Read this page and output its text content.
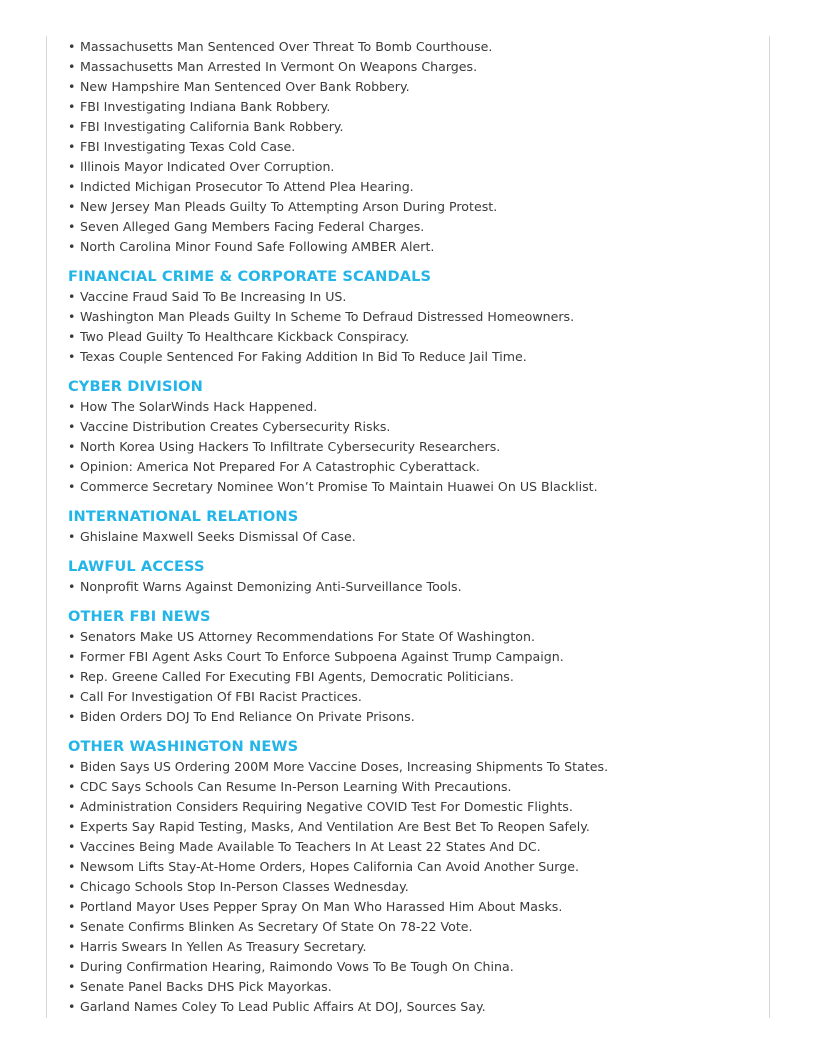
• Massachusetts Man Sentenced Over Threat To Bomb Courthouse.
• Massachusetts Man Arrested In Vermont On Weapons Charges.
• New Hampshire Man Sentenced Over Bank Robbery.
• FBI Investigating Indiana Bank Robbery.
• FBI Investigating California Bank Robbery.
• FBI Investigating Texas Cold Case.
• Illinois Mayor Indicated Over Corruption.
• Indicted Michigan Prosecutor To Attend Plea Hearing.
• New Jersey Man Pleads Guilty To Attempting Arson During Protest.
• Seven Alleged Gang Members Facing Federal Charges.
• North Carolina Minor Found Safe Following AMBER Alert.
FINANCIAL CRIME & CORPORATE SCANDALS
• Vaccine Fraud Said To Be Increasing In US.
• Washington Man Pleads Guilty In Scheme To Defraud Distressed Homeowners.
• Two Plead Guilty To Healthcare Kickback Conspiracy.
• Texas Couple Sentenced For Faking Addition In Bid To Reduce Jail Time.
CYBER DIVISION
• How The SolarWinds Hack Happened.
• Vaccine Distribution Creates Cybersecurity Risks.
• North Korea Using Hackers To Infiltrate Cybersecurity Researchers.
• Opinion: America Not Prepared For A Catastrophic Cyberattack.
• Commerce Secretary Nominee Won’t Promise To Maintain Huawei On US Blacklist.
INTERNATIONAL RELATIONS
• Ghislaine Maxwell Seeks Dismissal Of Case.
LAWFUL ACCESS
• Nonprofit Warns Against Demonizing Anti-Surveillance Tools.
OTHER FBI NEWS
• Senators Make US Attorney Recommendations For State Of Washington.
• Former FBI Agent Asks Court To Enforce Subpoena Against Trump Campaign.
• Rep. Greene Called For Executing FBI Agents, Democratic Politicians.
• Call For Investigation Of FBI Racist Practices.
• Biden Orders DOJ To End Reliance On Private Prisons.
OTHER WASHINGTON NEWS
• Biden Says US Ordering 200M More Vaccine Doses, Increasing Shipments To States.
• CDC Says Schools Can Resume In-Person Learning With Precautions.
• Administration Considers Requiring Negative COVID Test For Domestic Flights.
• Experts Say Rapid Testing, Masks, And Ventilation Are Best Bet To Reopen Safely.
• Vaccines Being Made Available To Teachers In At Least 22 States And DC.
• Newsom Lifts Stay-At-Home Orders, Hopes California Can Avoid Another Surge.
• Chicago Schools Stop In-Person Classes Wednesday.
• Portland Mayor Uses Pepper Spray On Man Who Harassed Him About Masks.
• Senate Confirms Blinken As Secretary Of State On 78-22 Vote.
• Harris Swears In Yellen As Treasury Secretary.
• During Confirmation Hearing, Raimondo Vows To Be Tough On China.
• Senate Panel Backs DHS Pick Mayorkas.
• Garland Names Coley To Lead Public Affairs At DOJ, Sources Say.
